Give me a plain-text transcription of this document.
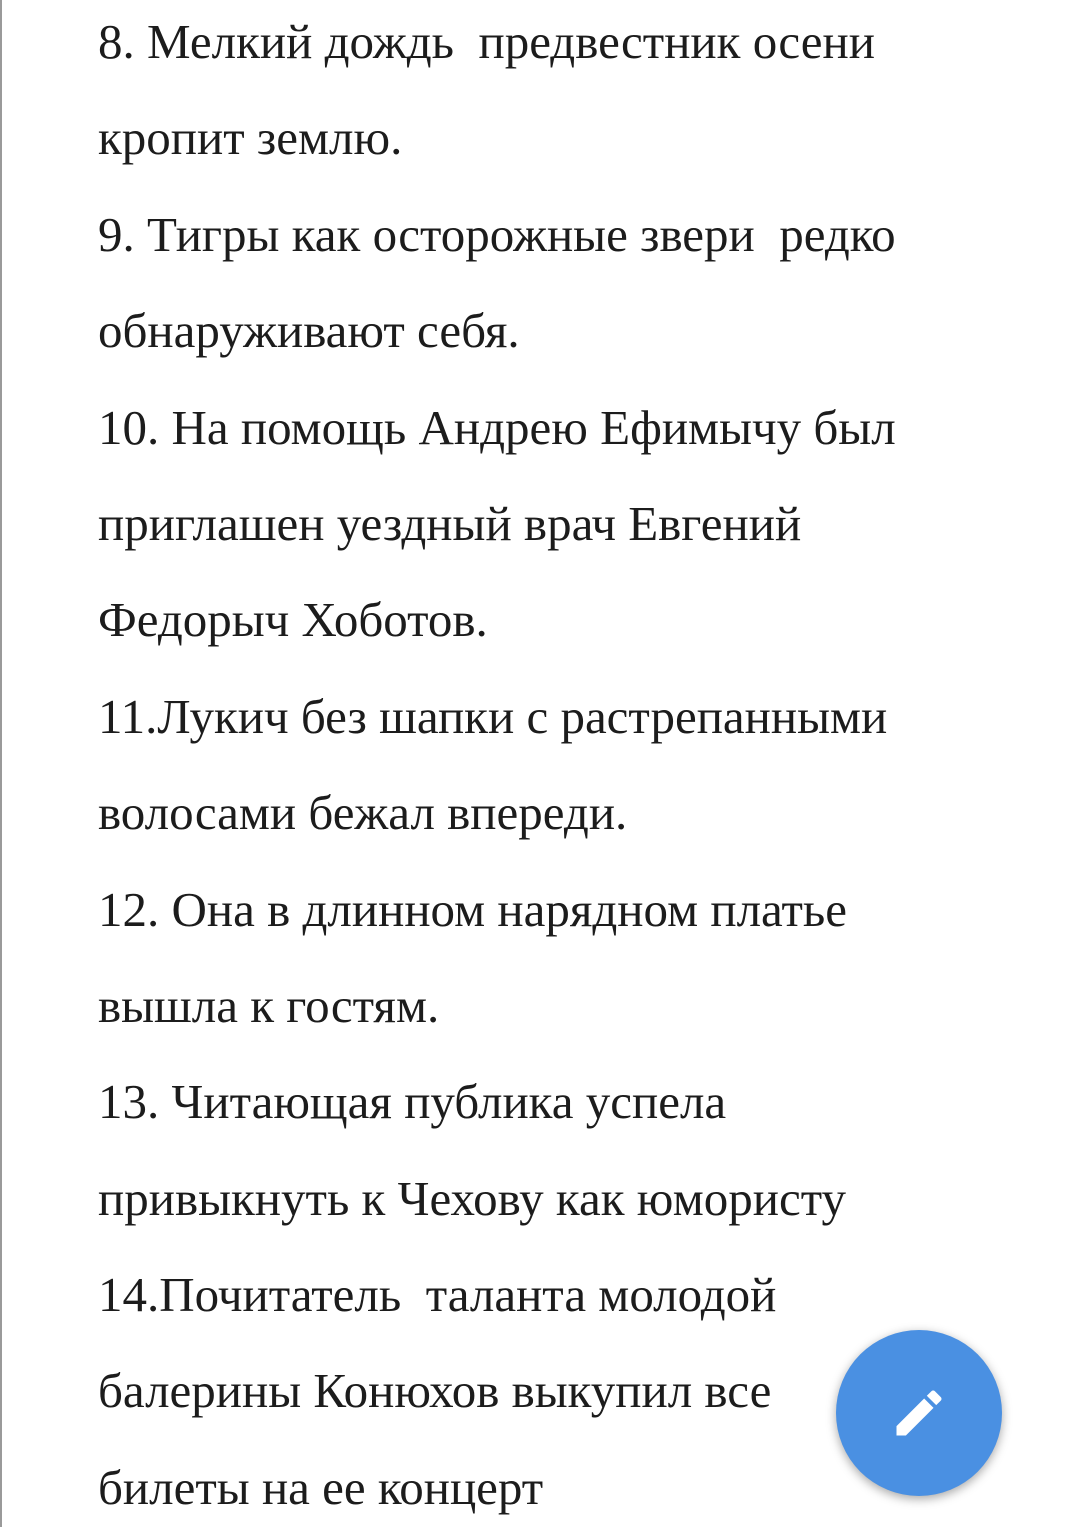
8. Мелкий дождь  предвестник осени
кропит землю.
9. Тигры как осторожные звери  редко
обнаруживают себя.
10. На помощь Андрею Ефимычу был
приглашен уездный врач Евгений
Федорыч Хоботов.
11.Лукич без шапки с растрепанными
волосами бежал впереди.
12. Она в длинном нарядном платье
вышла к гостям.
13. Читающая публика успела
привыкнуть к Чехову как юмористу
14.Почитатель  таланта молодой
балерины Конюхов выкупил все
билеты на ее концерт
